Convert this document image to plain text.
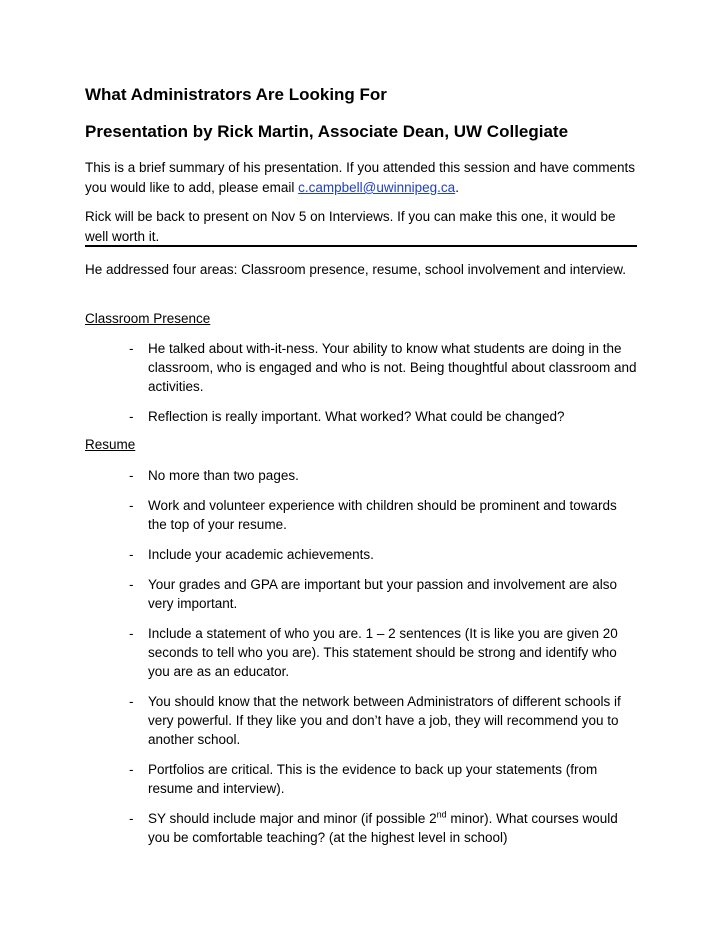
What Administrators Are Looking For
Presentation by Rick Martin, Associate Dean, UW Collegiate
This is a brief summary of his presentation. If you attended this session and have comments you would like to add, please email c.campbell@uwinnipeg.ca.
Rick will be back to present on Nov 5 on Interviews. If you can make this one, it would be well worth it.
He addressed four areas: Classroom presence, resume, school involvement and interview.
Classroom Presence
- He talked about with-it-ness. Your ability to know what students are doing in the classroom, who is engaged and who is not. Being thoughtful about classroom and activities.
- Reflection is really important. What worked? What could be changed?
Resume
- No more than two pages.
- Work and volunteer experience with children should be prominent and towards the top of your resume.
- Include your academic achievements.
- Your grades and GPA are important but your passion and involvement are also very important.
- Include a statement of who you are. 1 – 2 sentences (It is like you are given 20 seconds to tell who you are). This statement should be strong and identify who you are as an educator.
- You should know that the network between Administrators of different schools if very powerful. If they like you and don’t have a job, they will recommend you to another school.
- Portfolios are critical. This is the evidence to back up your statements (from resume and interview).
- SY should include major and minor (if possible 2nd minor). What courses would you be comfortable teaching? (at the highest level in school)
